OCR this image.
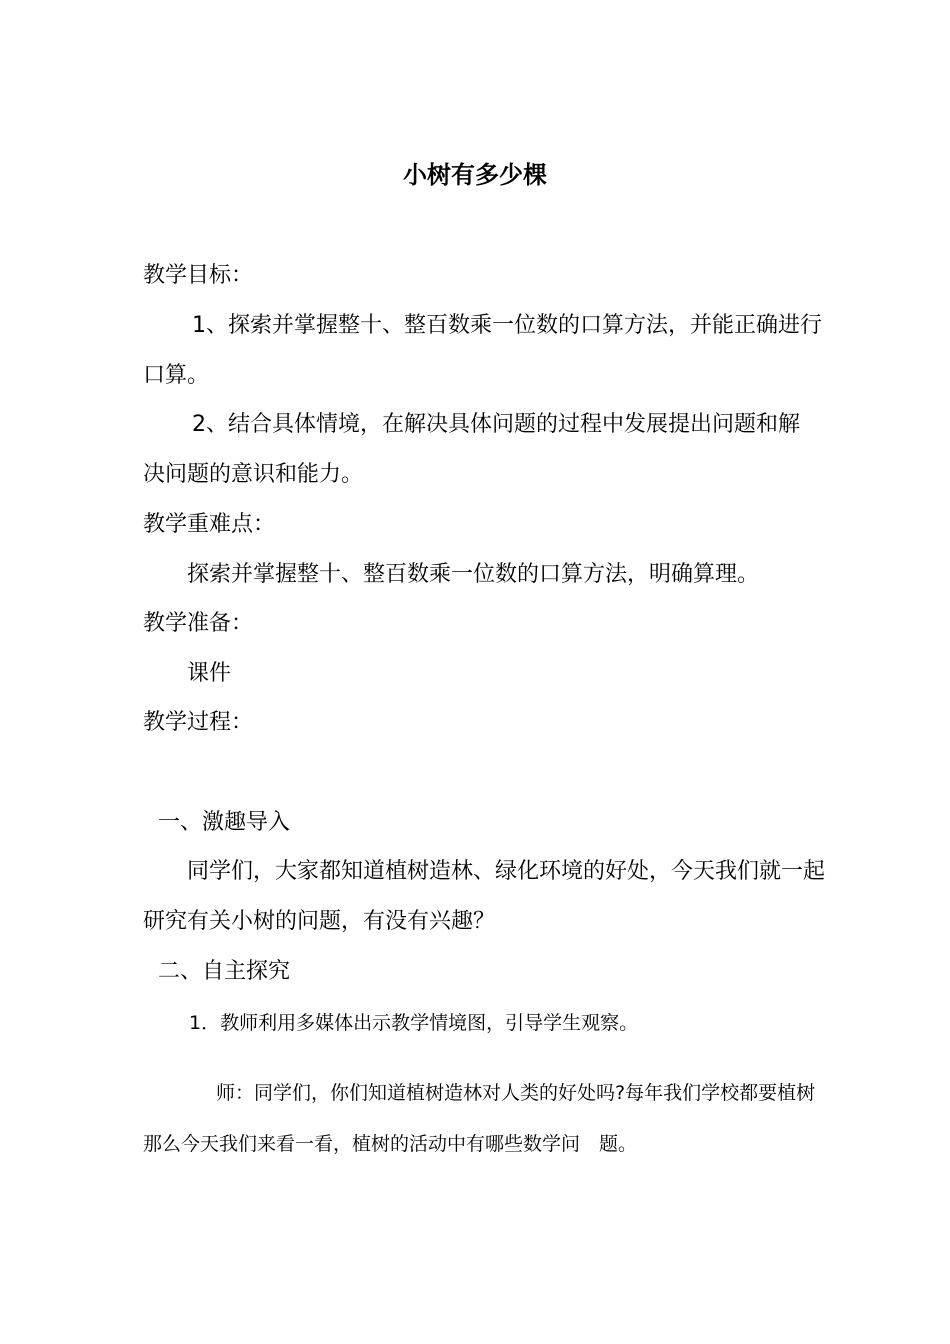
小树有多少棵
教学目标：
1、探索并掌握整十、整百数乘一位数的口算方法，并能正确进行
口算。
2、结合具体情境，在解决具体问题的过程中发展提出问题和解
决问题的意识和能力。
教学重难点：
探索并掌握整十、整百数乘一位数的口算方法，明确算理。
教学准备：
课件
教学过程：
一、激趣导入
同学们，大家都知道植树造林、绿化环境的好处，今天我们就一起
研究有关小树的问题，有没有兴趣？
二、自主探究
1．教师利用多媒体出示教学情境图，引导学生观察。
师：同学们，你们知道植树造林对人类的好处吗?每年我们学校都要植树
那么今天我们来看一看，植树的活动中有哪些数学问　题。
